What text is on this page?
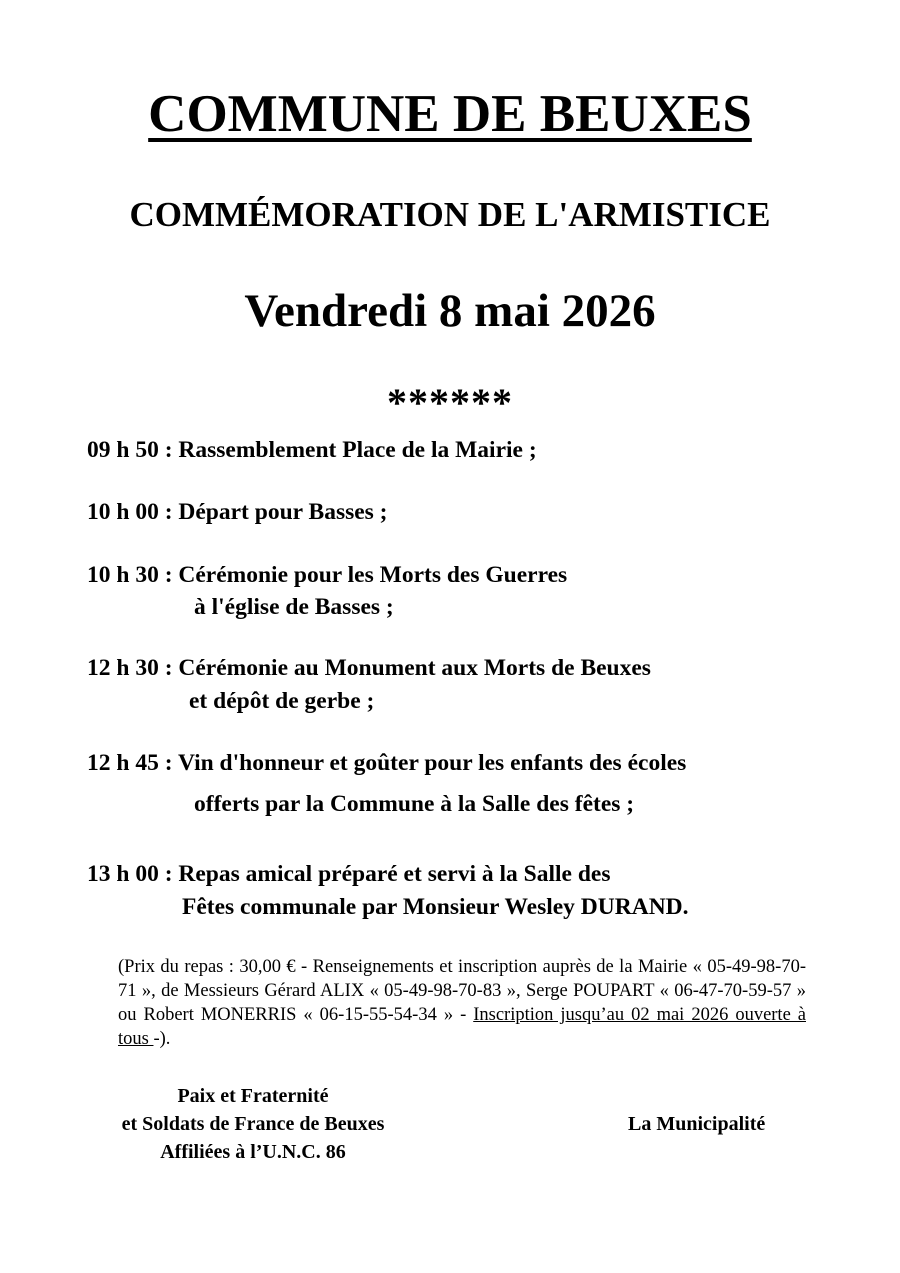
COMMUNE DE BEUXES
COMMÉMORATION DE L'ARMISTICE
Vendredi 8 mai 2026
******
09 h 50 : Rassemblement Place de la Mairie ;
10 h 00 : Départ pour Basses ;
10 h 30 : Cérémonie pour les Morts des Guerres
à l'église de Basses ;
12 h 30 : Cérémonie au Monument aux Morts de Beuxes
et dépôt de gerbe ;
12 h 45 : Vin d'honneur et goûter pour les enfants des écoles
offerts par la Commune à la Salle des fêtes ;
13 h 00 : Repas amical préparé et servi à la Salle des
Fêtes communale par Monsieur Wesley DURAND.

(Prix du repas : 30,00 € - Renseignements et inscription auprès de la Mairie « 05-49-98-70-71 », de Messieurs Gérard ALIX « 05-49-98-70-83 », Serge POUPART « 06-47-70-59-57 » ou Robert MONERRIS « 06-15-55-54-34 » - Inscription jusqu’au 02 mai 2026 ouverte à tous -).

Paix et Fraternité
et Soldats de France de Beuxes
Affiliées à l’U.N.C. 86
La Municipalité
